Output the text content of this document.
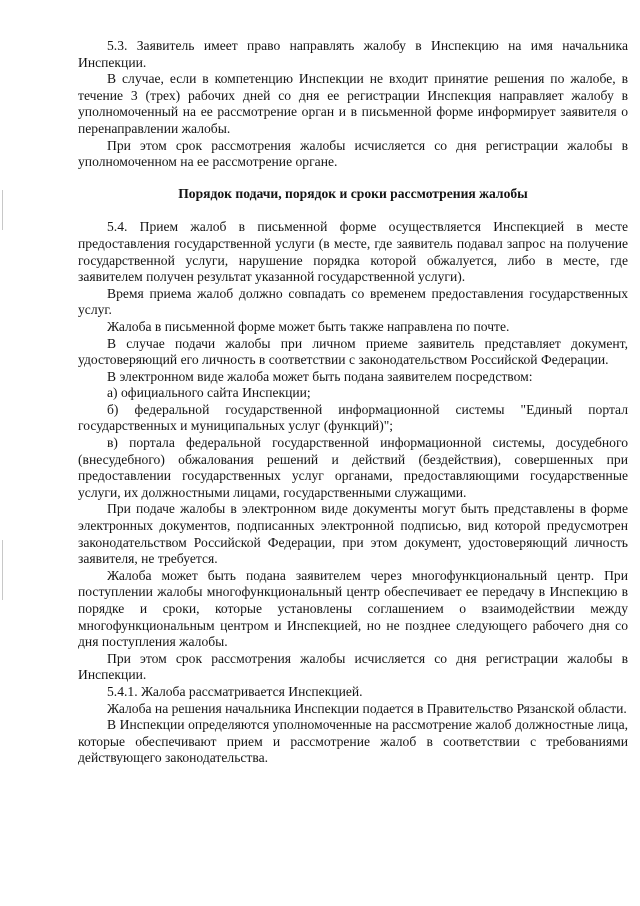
5.3. Заявитель имеет право направлять жалобу в Инспекцию на имя начальника Инспекции.

В случае, если в компетенцию Инспекции не входит принятие решения по жалобе, в течение 3 (трех) рабочих дней со дня ее регистрации Инспекция направляет жалобу в уполномоченный на ее рассмотрение орган и в письменной форме информирует заявителя о перенаправлении жалобы.

При этом срок рассмотрения жалобы исчисляется со дня регистрации жалобы в уполномоченном на ее рассмотрение органе.

Порядок подачи, порядок и сроки рассмотрения жалобы

5.4. Прием жалоб в письменной форме осуществляется Инспекцией в месте предоставления государственной услуги (в месте, где заявитель подавал запрос на получение государственной услуги, нарушение порядка которой обжалуется, либо в месте, где заявителем получен результат указанной государственной услуги).

Время приема жалоб должно совпадать со временем предоставления государственных услуг.

Жалоба в письменной форме может быть также направлена по почте.

В случае подачи жалобы при личном приеме заявитель представляет документ, удостоверяющий его личность в соответствии с законодательством Российской Федерации.

В электронном виде жалоба может быть подана заявителем посредством:

а) официального сайта Инспекции;

б) федеральной государственной информационной системы "Единый портал государственных и муниципальных услуг (функций)";

в) портала федеральной государственной информационной системы, досудебного (внесудебного) обжалования решений и действий (бездействия), совершенных при предоставлении государственных услуг органами, предоставляющими государственные услуги, их должностными лицами, государственными служащими.

При подаче жалобы в электронном виде документы могут быть представлены в форме электронных документов, подписанных электронной подписью, вид которой предусмотрен законодательством Российской Федерации, при этом документ, удостоверяющий личность заявителя, не требуется.

Жалоба может быть подана заявителем через многофункциональный центр. При поступлении жалобы многофункциональный центр обеспечивает ее передачу в Инспекцию в порядке и сроки, которые установлены соглашением о взаимодействии между многофункциональным центром и Инспекцией, но не позднее следующего рабочего дня со дня поступления жалобы.

При этом срок рассмотрения жалобы исчисляется со дня регистрации жалобы в Инспекции.

5.4.1. Жалоба рассматривается Инспекцией.

Жалоба на решения начальника Инспекции подается в Правительство Рязанской области.

В Инспекции определяются уполномоченные на рассмотрение жалоб должностные лица, которые обеспечивают прием и рассмотрение жалоб в соответствии с требованиями действующего законодательства.
